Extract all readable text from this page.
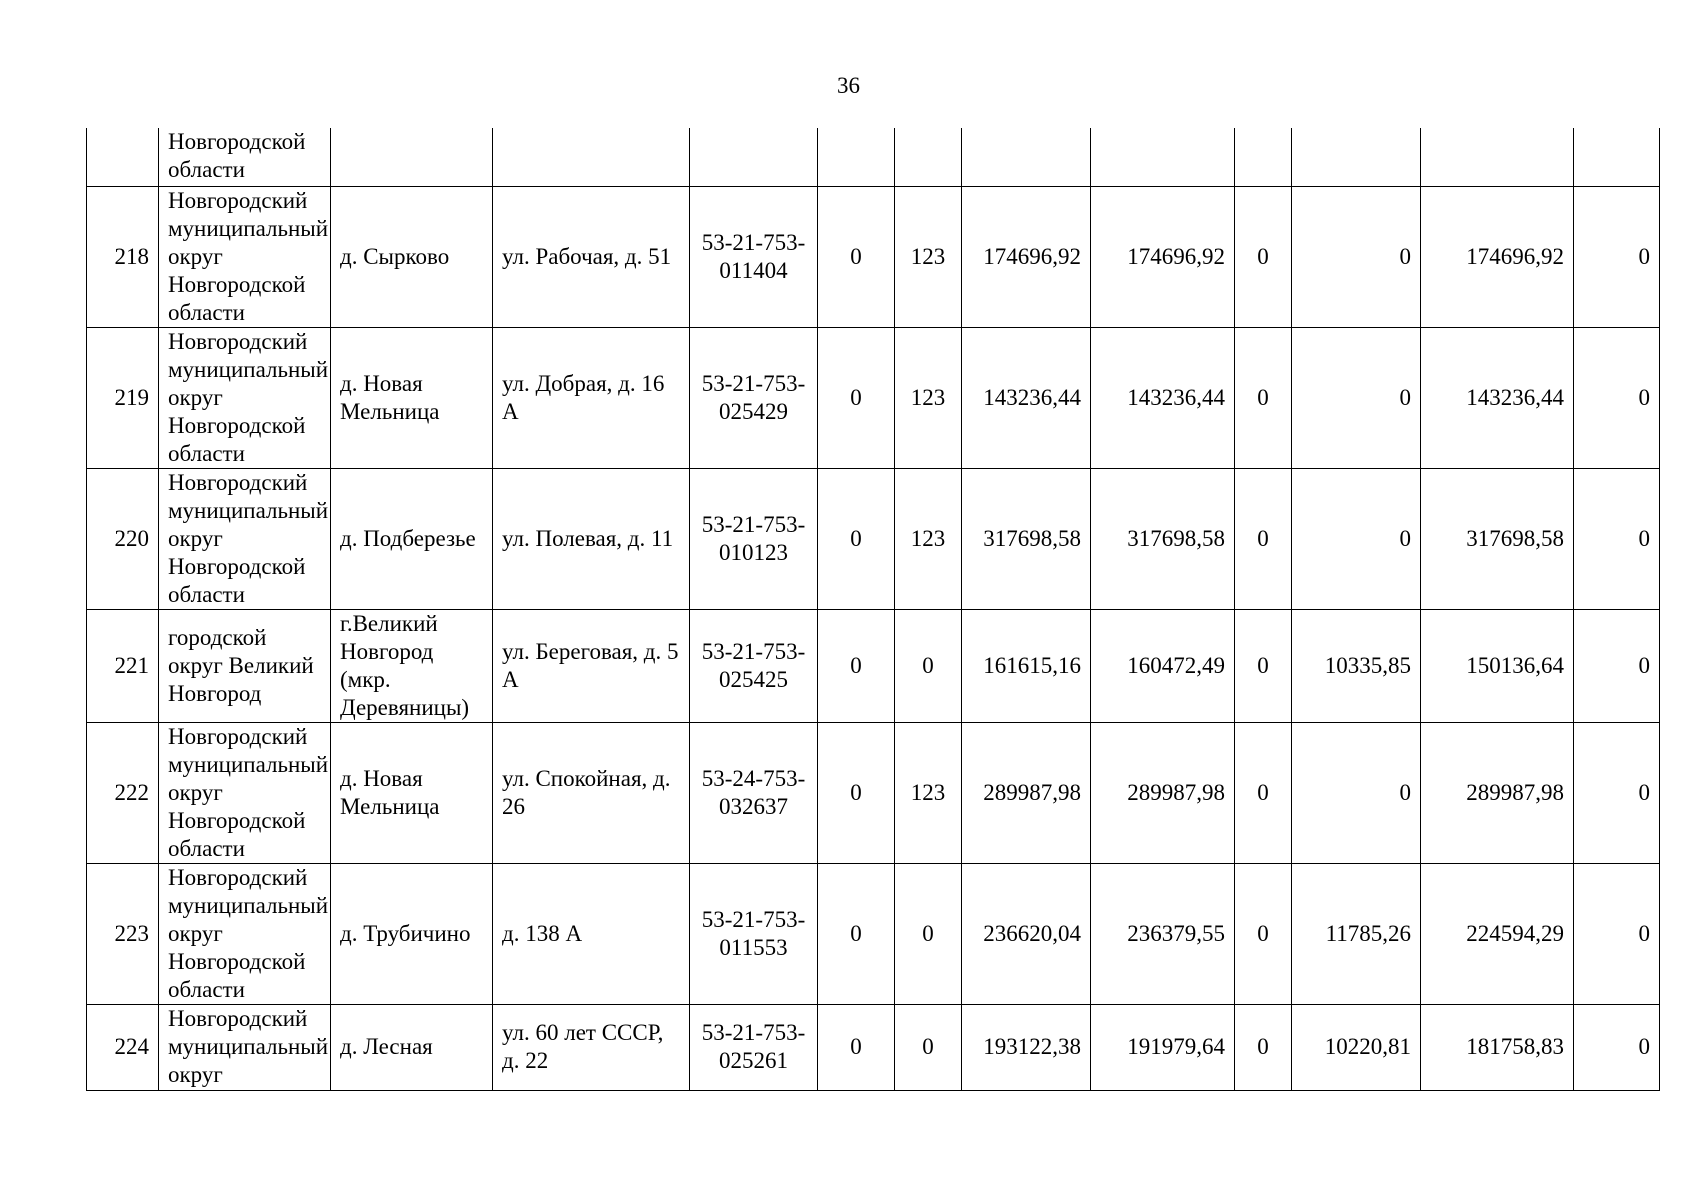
36
	Новгородской области											
218	Новгородский муниципальный округ Новгородской области	д. Сырково	ул. Рабочая, д. 51	53-21-753-011404	0	123	174696,92	174696,92	0	0	174696,92	0
219	Новгородский муниципальный округ Новгородской области	д. Новая Мельница	ул. Добрая, д. 16 А	53-21-753-025429	0	123	143236,44	143236,44	0	0	143236,44	0
220	Новгородский муниципальный округ Новгородской области	д. Подберезье	ул. Полевая, д. 11	53-21-753-010123	0	123	317698,58	317698,58	0	0	317698,58	0
221	городской округ Великий Новгород	г.Великий Новгород (мкр. Деревяницы)	ул. Береговая, д. 5 А	53-21-753-025425	0	0	161615,16	160472,49	0	10335,85	150136,64	0
222	Новгородский муниципальный округ Новгородской области	д. Новая Мельница	ул. Спокойная, д. 26	53-24-753-032637	0	123	289987,98	289987,98	0	0	289987,98	0
223	Новгородский муниципальный округ Новгородской области	д. Трубичино	д. 138 А	53-21-753-011553	0	0	236620,04	236379,55	0	11785,26	224594,29	0
224	Новгородский муниципальный округ	д. Лесная	ул. 60 лет СССР, д. 22	53-21-753-025261	0	0	193122,38	191979,64	0	10220,81	181758,83	0
